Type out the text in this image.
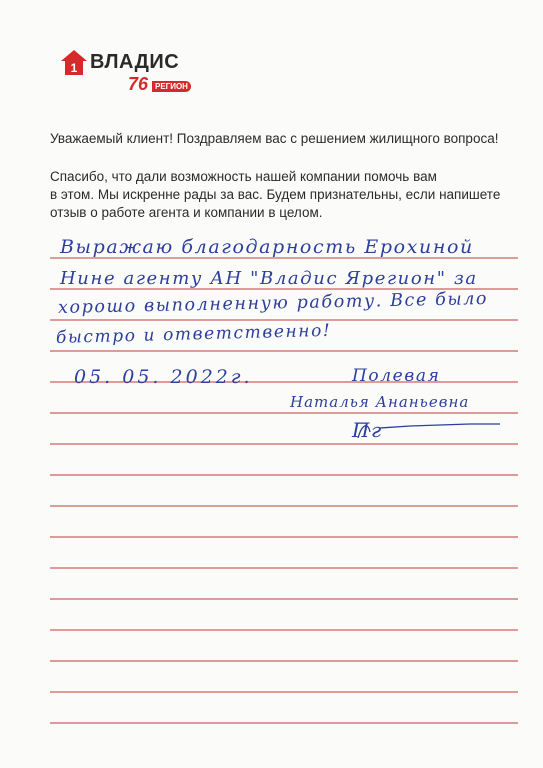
1 ВЛАДИС
76 РЕГИОН

Уважаемый клиент! Поздравляем вас с решением жилищного вопроса!

Спасибо, что дали возможность нашей компании помочь вам
в этом. Мы искренне рады за вас. Будем признательны, если напишете
отзыв о работе агента и компании в целом.
Выражаю благодарность Ерохиной
Нине агенту АН "Владис Ярегион" за
хорошо выполненную работу. Все было
быстро и ответственно!
05. 05. 2022г.	Полевая
Наталья Ананьевна
Пг
